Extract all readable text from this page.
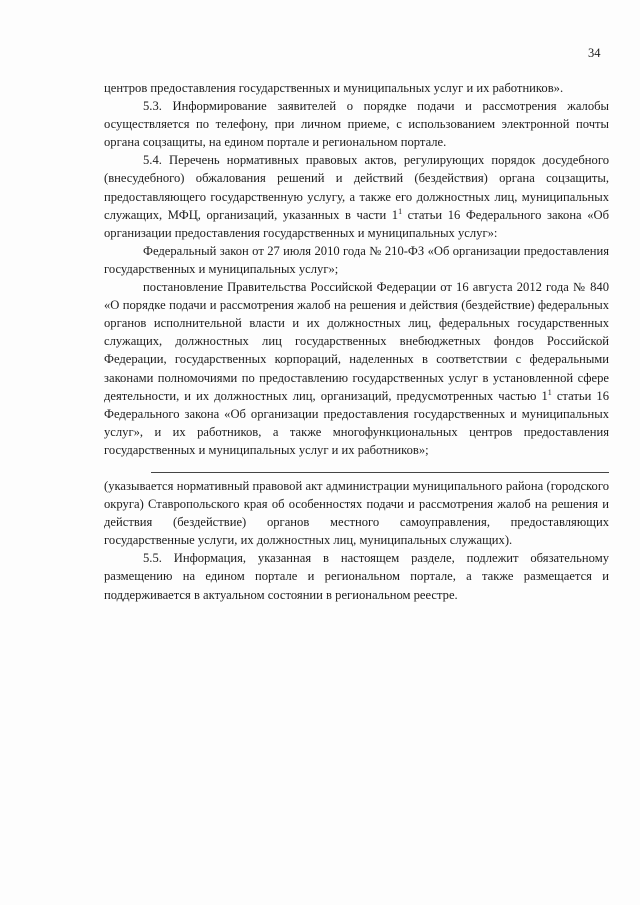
34

центров предоставления государственных и муниципальных услуг и их работников».

5.3. Информирование заявителей о порядке подачи и рассмотрения жалобы осуществляется по телефону, при личном приеме, с использованием электронной почты органа соцзащиты, на едином портале и региональном портале.

5.4. Перечень нормативных правовых актов, регулирующих порядок досудебного (внесудебного) обжалования решений и действий (бездействия) органа соцзащиты, предоставляющего государственную услугу, а также его должностных лиц, муниципальных служащих, МФЦ, организаций, указанных в части $1^1$ статьи 16 Федерального закона «Об организации предоставления государственных и муниципальных услуг»:

Федеральный закон от 27 июля 2010 года № 210-ФЗ «Об организации предоставления государственных и муниципальных услуг»;

постановление Правительства Российской Федерации от 16 августа 2012 года № 840 «О порядке подачи и рассмотрения жалоб на решения и действия (бездействие) федеральных органов исполнительной власти и их должностных лиц, федеральных государственных служащих, должностных лиц государственных внебюджетных фондов Российской Федерации, государственных корпораций, наделенных в соответствии с федеральными законами полномочиями по предоставлению государственных услуг в установленной сфере деятельности, и их должностных лиц, организаций, предусмотренных частью $1^1$ статьи 16 Федерального закона «Об организации предоставления государственных и муниципальных услуг», и их работников, а также многофункциональных центров предоставления государственных и муниципальных услуг и их работников»;

(указывается нормативный правовой акт администрации муниципального района (городского округа) Ставропольского края об особенностях подачи и рассмотрения жалоб на решения и действия (бездействие) органов местного самоуправления, предоставляющих государственные услуги, их должностных лиц, муниципальных служащих).

5.5. Информация, указанная в настоящем разделе, подлежит обязательному размещению на едином портале и региональном портале, а также размещается и поддерживается в актуальном состоянии в региональном реестре.
